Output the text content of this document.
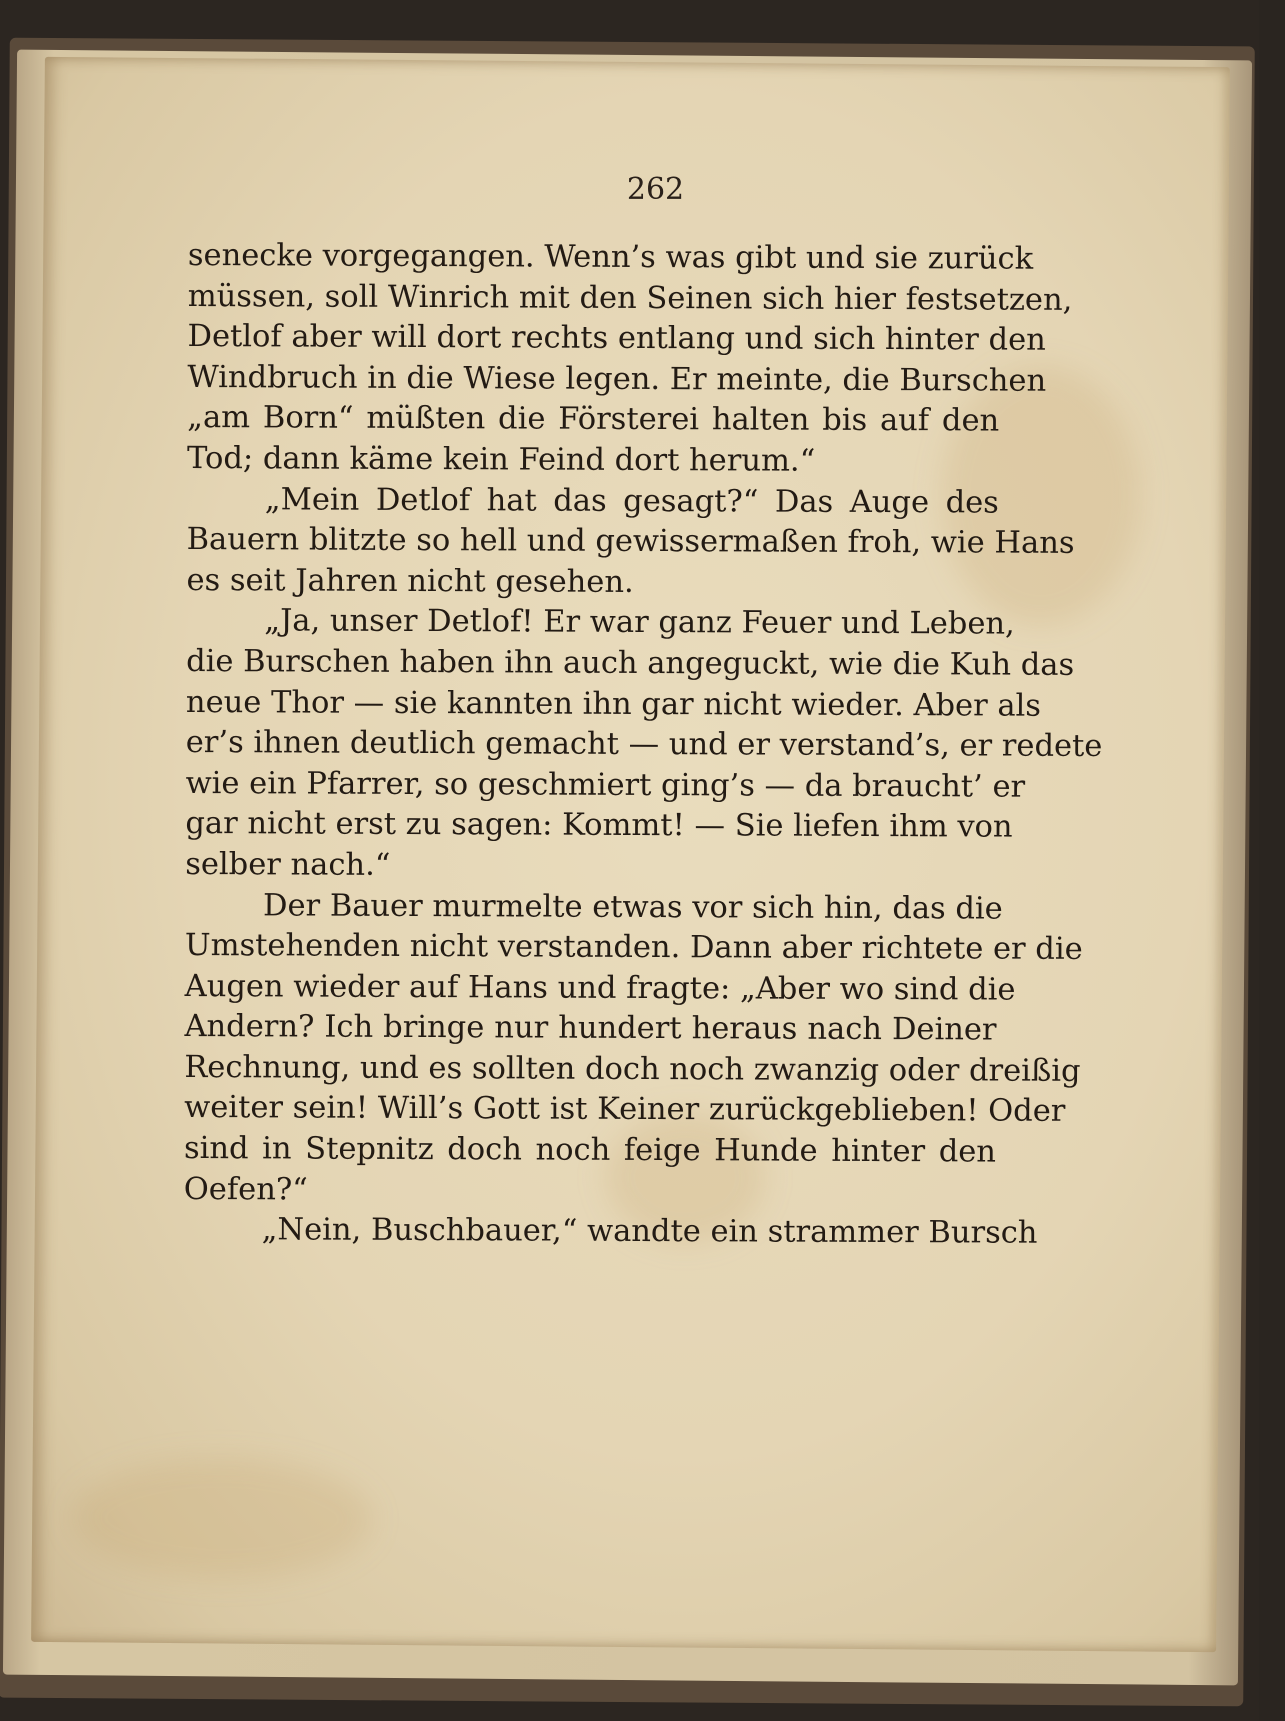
262

senecke vorgegangen. Wenn’s was gibt und sie zurück
müssen, soll Winrich mit den Seinen sich hier festsetzen,
Detlof aber will dort rechts entlang und sich hinter den
Windbruch in die Wiese legen. Er meinte, die Burschen
„am Born“ müßten die Försterei halten bis auf den
Tod; dann käme kein Feind dort herum.“

„Mein Detlof hat das gesagt?“ Das Auge des
Bauern blitzte so hell und gewissermaßen froh, wie Hans
es seit Jahren nicht gesehen.

„Ja, unser Detlof! Er war ganz Feuer und Leben,
die Burschen haben ihn auch angeguckt, wie die Kuh das
neue Thor — sie kannten ihn gar nicht wieder. Aber als
er’s ihnen deutlich gemacht — und er verstand’s, er redete
wie ein Pfarrer, so geschmiert ging’s — da braucht’ er
gar nicht erst zu sagen: Kommt! — Sie liefen ihm von
selber nach.“

Der Bauer murmelte etwas vor sich hin, das die
Umstehenden nicht verstanden. Dann aber richtete er die
Augen wieder auf Hans und fragte: „Aber wo sind die
Andern? Ich bringe nur hundert heraus nach Deiner
Rechnung, und es sollten doch noch zwanzig oder dreißig
weiter sein! Will’s Gott ist Keiner zurückgeblieben! Oder
sind in Stepnitz doch noch feige Hunde hinter den
Oefen?“

„Nein, Buschbauer,“ wandte ein strammer Bursch
